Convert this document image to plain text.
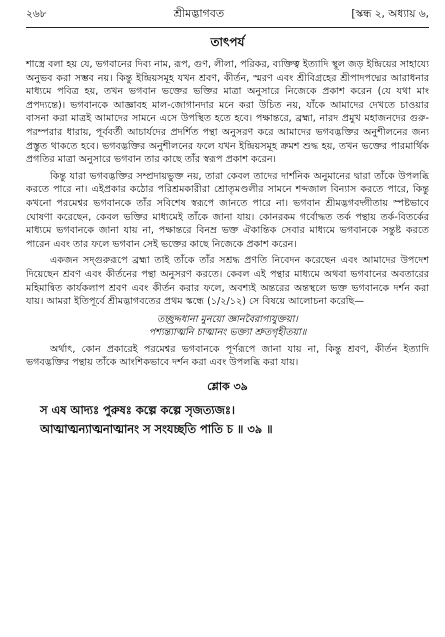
২৬৮	শ্রীমদ্ভাগবত	[স্কন্ধ ২, অধ্যায় ৬,
তাৎপর্য

শাস্ত্রে বলা হয় যে, ভগবানের দিব্য নাম, রূপ, গুণ, লীলা, পরিকর, ব্যক্তিত্ব ইত্যাদি স্থূল জড় ইন্দ্রিয়ের সাহায্যে অনুভব করা সম্ভব নয়। কিন্তু ইন্দ্রিয়সমূহ যখন শ্রবণ, কীর্তন, স্মরণ এবং শ্রীবিগ্রহের শ্রীপাদপদ্মের আরাধনার মাধ্যমে পবিত্র হয়, তখন ভগবান ভক্তের ভক্তির মাত্রা অনুসারে নিজেকে প্রকাশ করেন (যে যথা মাং প্রপদ্যন্তে)। ভগবানকে আজ্ঞাবহ মাল-জোগানদার মনে করা উচিত নয়, যাঁকে আমাদের দেখতে চাওয়ার বাসনা করা মাত্রই আমাদের সামনে এসে উপস্থিত হতে হবে। পক্ষান্তরে, ব্রহ্মা, নারদ প্রমুখ মহাজনদের গুরু-পরম্পরার ধারায়, পূর্ববর্তী আচার্যদের প্রদর্শিত পন্থা অনুসরণ করে আমাদের ভগবদ্ভক্তির অনুশীলনের জন্য প্রস্তুত থাকতে হবে। ভগবদ্ভক্তির অনুশীলনের ফলে যখন ইন্দ্রিয়সমূহ ক্রমশ শুদ্ধ হয়, তখন ভক্তের পারমার্থিক প্রগতির মাত্রা অনুসারে ভগবান তার কাছে তাঁর স্বরূপ প্রকাশ করেন।

কিন্তু যারা ভগবদ্ভক্তির সম্প্রদায়ভুক্ত নয়, তারা কেবল তাদের দার্শনিক অনুমানের দ্বারা তাঁকে উপলব্ধি করতে পারে না। এইপ্রকার কঠোর পরিশ্রমকারীরা শ্রোতৃমণ্ডলীর সামনে শব্দজাল বিন্যাস করতে পারে, কিন্তু কখনো পরমেশ্বর ভগবানকে তাঁর সবিশেষ স্বরূপে জানতে পারে না। ভগবান শ্রীমদ্ভগবদ্গীতায় স্পষ্টভাবে ঘোষণা করেছেন, কেবল ভক্তির মাধ্যমেই তাঁকে জানা যায়। কোনরকম গর্বোদ্ধত তর্ক পন্থায় তর্ক-বিতর্কের মাধ্যমে ভগবানকে জানা যায় না, পক্ষান্তরে বিনম্র ভক্ত ঐকান্তিক সেবার মাধ্যমে ভগবানকে সন্তুষ্ট করতে পারেন এবং তার ফলে ভগবান সেই ভক্তের কাছে নিজেকে প্রকাশ করেন।

একজন সদ্গুরুরূপে ব্রহ্মা তাই তাঁকে তাঁর সশ্রদ্ধ প্রণতি নিবেদন করেছেন এবং আমাদের উপদেশ দিয়েছেন শ্রবণ এবং কীর্তনের পন্থা অনুসরণ করতে। কেবল এই পন্থার মাধ্যমে অথবা ভগবানের অবতারের মহিমান্বিত কার্যকলাপ শ্রবণ এবং কীর্তন করার ফলে, অবশ্যই অন্তরের অন্তস্থলে ভক্ত ভগবানকে দর্শন করা যায়। আমরা ইতিপূর্বে শ্রীমদ্ভাগবতের প্রথম স্কন্ধে (১/২/১২) সে বিষয়ে আলোচনা করেছি—

তচ্ছ্রদ্দধানা মুনয়ো জ্ঞানবৈরাগ্যযুক্তয়া।
পশ্যন্ত্যাত্মনি চাত্মানং ভক্ত্যা শ্রুতগৃহীতয়া॥

অর্থাৎ, কোন প্রকারেই পরমেশ্বর ভগবানকে পূর্ণরূপে জানা যায় না, কিন্তু শ্রবণ, কীর্তন ইত্যাদি ভগবদ্ভক্তির পন্থায় তাঁকে আংশিকভাবে দর্শন করা এবং উপলব্ধি করা যায়।

শ্লোক ৩৯
স এষ আদ্যঃ পুরুষঃ কল্পে কল্পে সৃজত্যজঃ।
আত্মাত্মন্যাত্মনাত্মানং স সংযচ্ছতি পাতি চ ॥ ৩৯ ॥
